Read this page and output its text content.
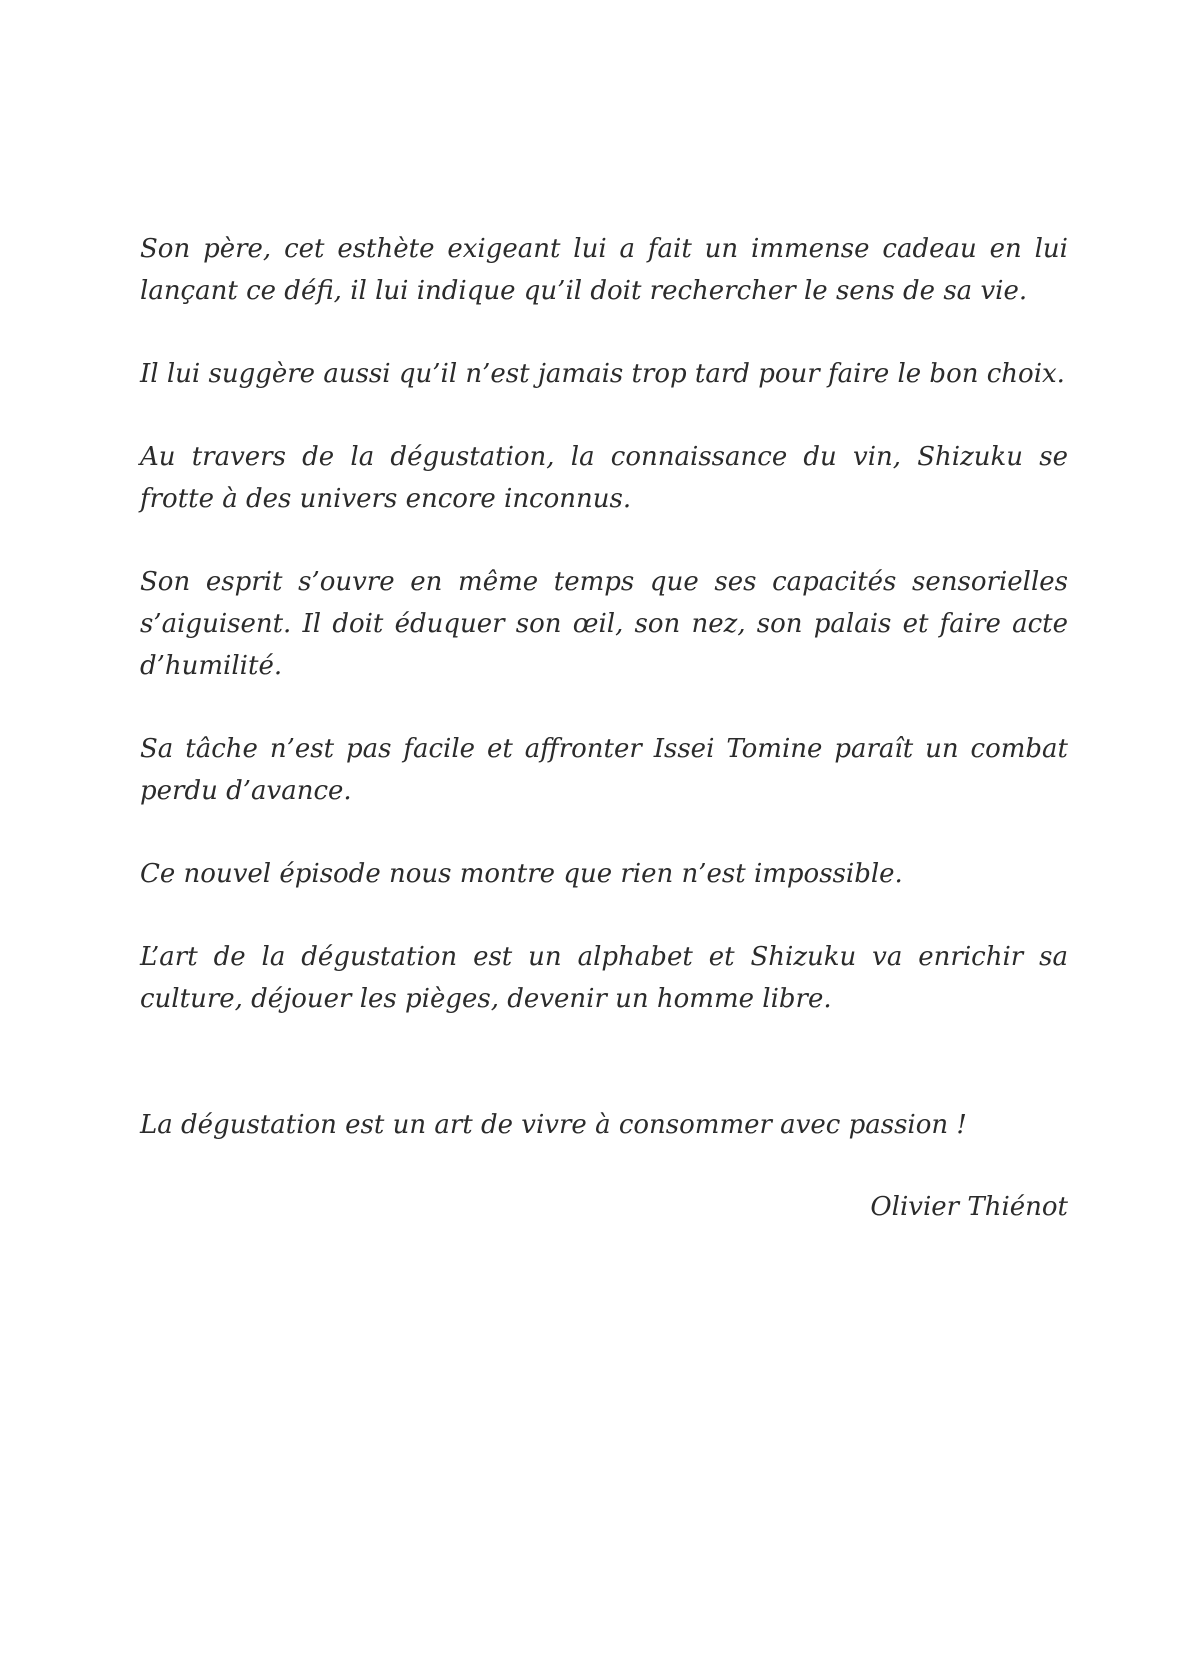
Son père, cet esthète exigeant lui a fait un immense cadeau en lui lançant ce défi, il lui indique qu’il doit rechercher le sens de sa vie.

Il lui suggère aussi qu’il n’est jamais trop tard pour faire le bon choix.

Au travers de la dégustation, la connaissance du vin, Shizuku se frotte à des univers encore inconnus.

Son esprit s’ouvre en même temps que ses capacités sensorielles s’aiguisent. Il doit éduquer son œil, son nez, son palais et faire acte d’humilité.

Sa tâche n’est pas facile et affronter Issei Tomine paraît un combat perdu d’avance.

Ce nouvel épisode nous montre que rien n’est impossible.

L’art de la dégustation est un alphabet et Shizuku va enrichir sa culture, déjouer les pièges, devenir un homme libre.

La dégustation est un art de vivre à consommer avec passion !

Olivier Thiénot
